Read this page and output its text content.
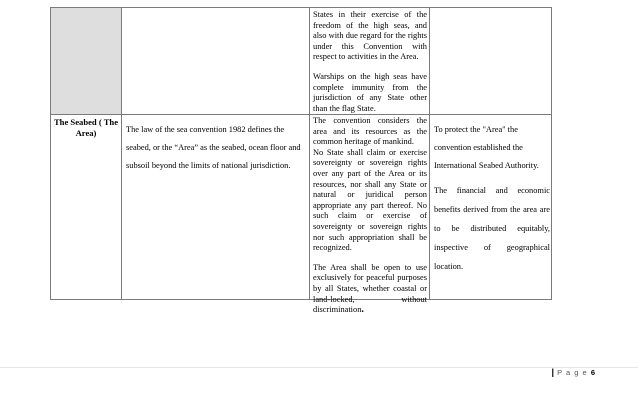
States in their exercise of the freedom of the high seas, and also with due regard for the rights under this Convention with respect to activities in the Area.

Warships on the high seas have complete immunity from the jurisdiction of any State other than the flag State.

The Seabed ( The Area)	The law of the sea convention 1982 defines the seabed, or the “Area” as the seabed, ocean floor and subsoil beyond the limits of national jurisdiction.

The convention considers the area and its resources as the common heritage of mankind.

No State shall claim or exercise sovereignty or sovereign rights over any part of the Area or its resources, nor shall any State or natural or juridical person appropriate any part thereof. No such claim or exercise of sovereignty or sovereign rights nor such appropriation shall be recognized.

The Area shall be open to use exclusively for peaceful purposes by all States, whether coastal or land-locked, without discrimination.

To protect the "Area" the convention established the International Seabed Authority.

The financial and economic benefits derived from the area are to be distributed equitably, inspective of geographical location.

| P a g e 6
